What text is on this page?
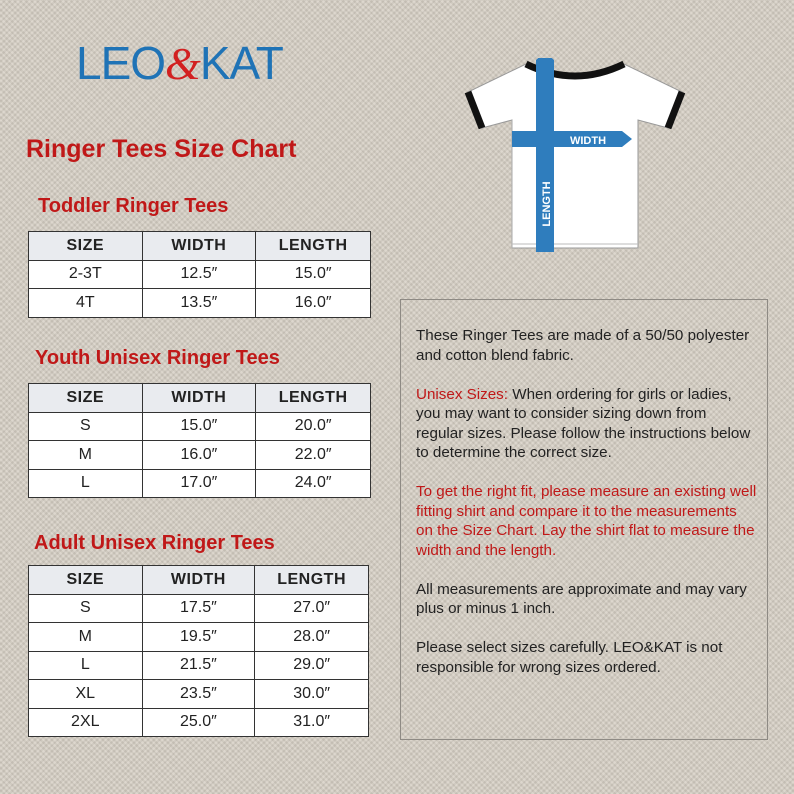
LEO&KAT
Ringer Tees Size Chart	WIDTH
LENGTH
Toddler Ringer Tees
SIZE	WIDTH	LENGTH
2-3T	12.5″	15.0″
4T	13.5″	16.0″
Youth Unisex Ringer Tees
SIZE	WIDTH	LENGTH
S	15.0″	20.0″
M	16.0″	22.0″
L	17.0″	24.0″
Adult Unisex Ringer Tees
SIZE	WIDTH	LENGTH
S	17.5″	27.0″
M	19.5″	28.0″
L	21.5″	29.0″
XL	23.5″	30.0″
2XL	25.0″	31.0″

These Ringer Tees are made of a 50/50 polyester and cotton blend fabric.

Unisex Sizes: When ordering for girls or ladies, you may want to consider sizing down from regular sizes. Please follow the instructions below to determine the correct size.

To get the right fit, please measure an existing well fitting shirt and compare it to the measurements on the Size Chart. Lay the shirt flat to measure the width and the length.

All measurements are approximate and may vary plus or minus 1 inch.

Please select sizes carefully. LEO&KAT is not responsible for wrong sizes ordered.
